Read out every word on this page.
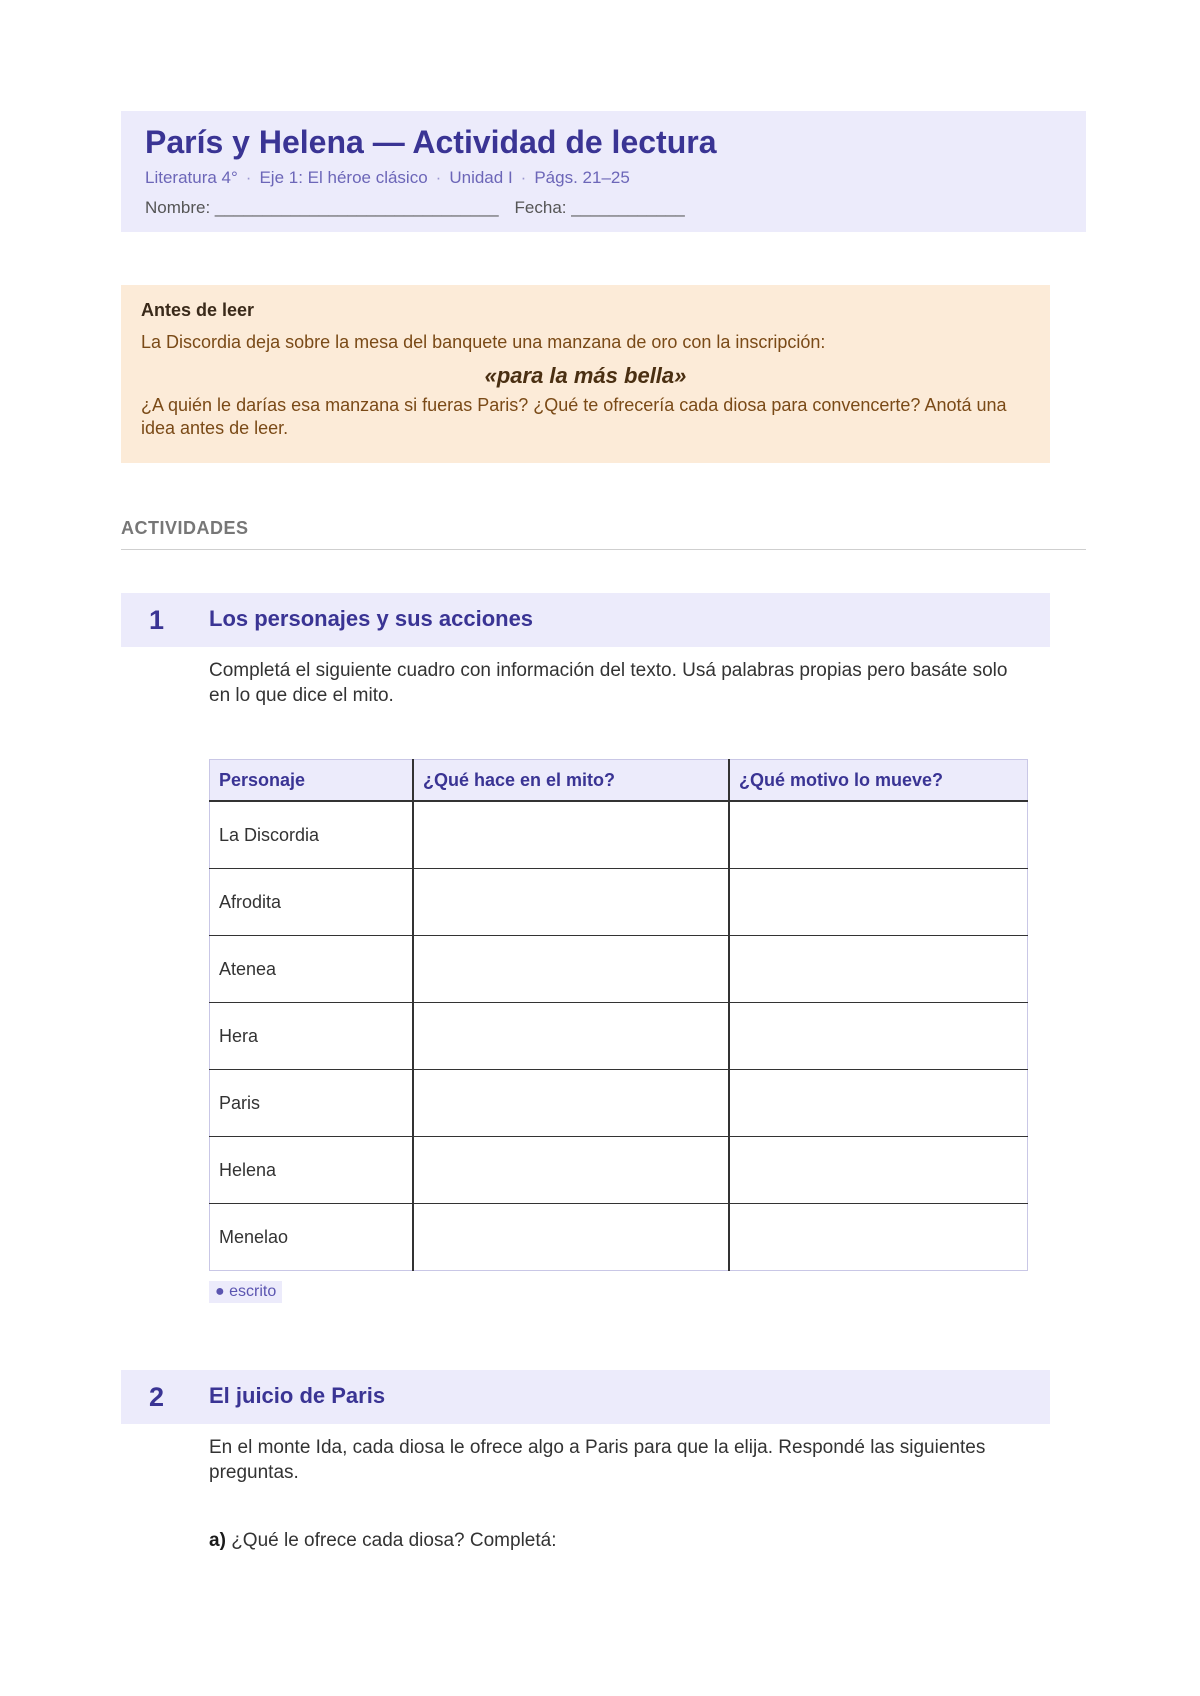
París y Helena — Actividad de lectura
Literatura 4° · Eje 1: El héroe clásico · Unidad I · Págs. 21–25
Nombre: ______________________________ Fecha: ____________
Antes de leer
La Discordia deja sobre la mesa del banquete una manzana de oro con la inscripción:
«para la más bella»
¿A quién le darías esa manzana si fueras Paris? ¿Qué te ofrecería cada diosa para convencerte? Anotá una idea antes de leer.
ACTIVIDADES
1 Los personajes y sus acciones
Completá el siguiente cuadro con información del texto. Usá palabras propias pero basáte solo en lo que dice el mito.
Personaje	¿Qué hace en el mito?	¿Qué motivo lo mueve?
La Discordia		
Afrodita		
Atenea		
Hera		
Paris		
Helena		
Menelao		
● escrito
2 El juicio de Paris
En el monte Ida, cada diosa le ofrece algo a Paris para que la elija. Respondé las siguientes preguntas.
a) ¿Qué le ofrece cada diosa? Completá:
